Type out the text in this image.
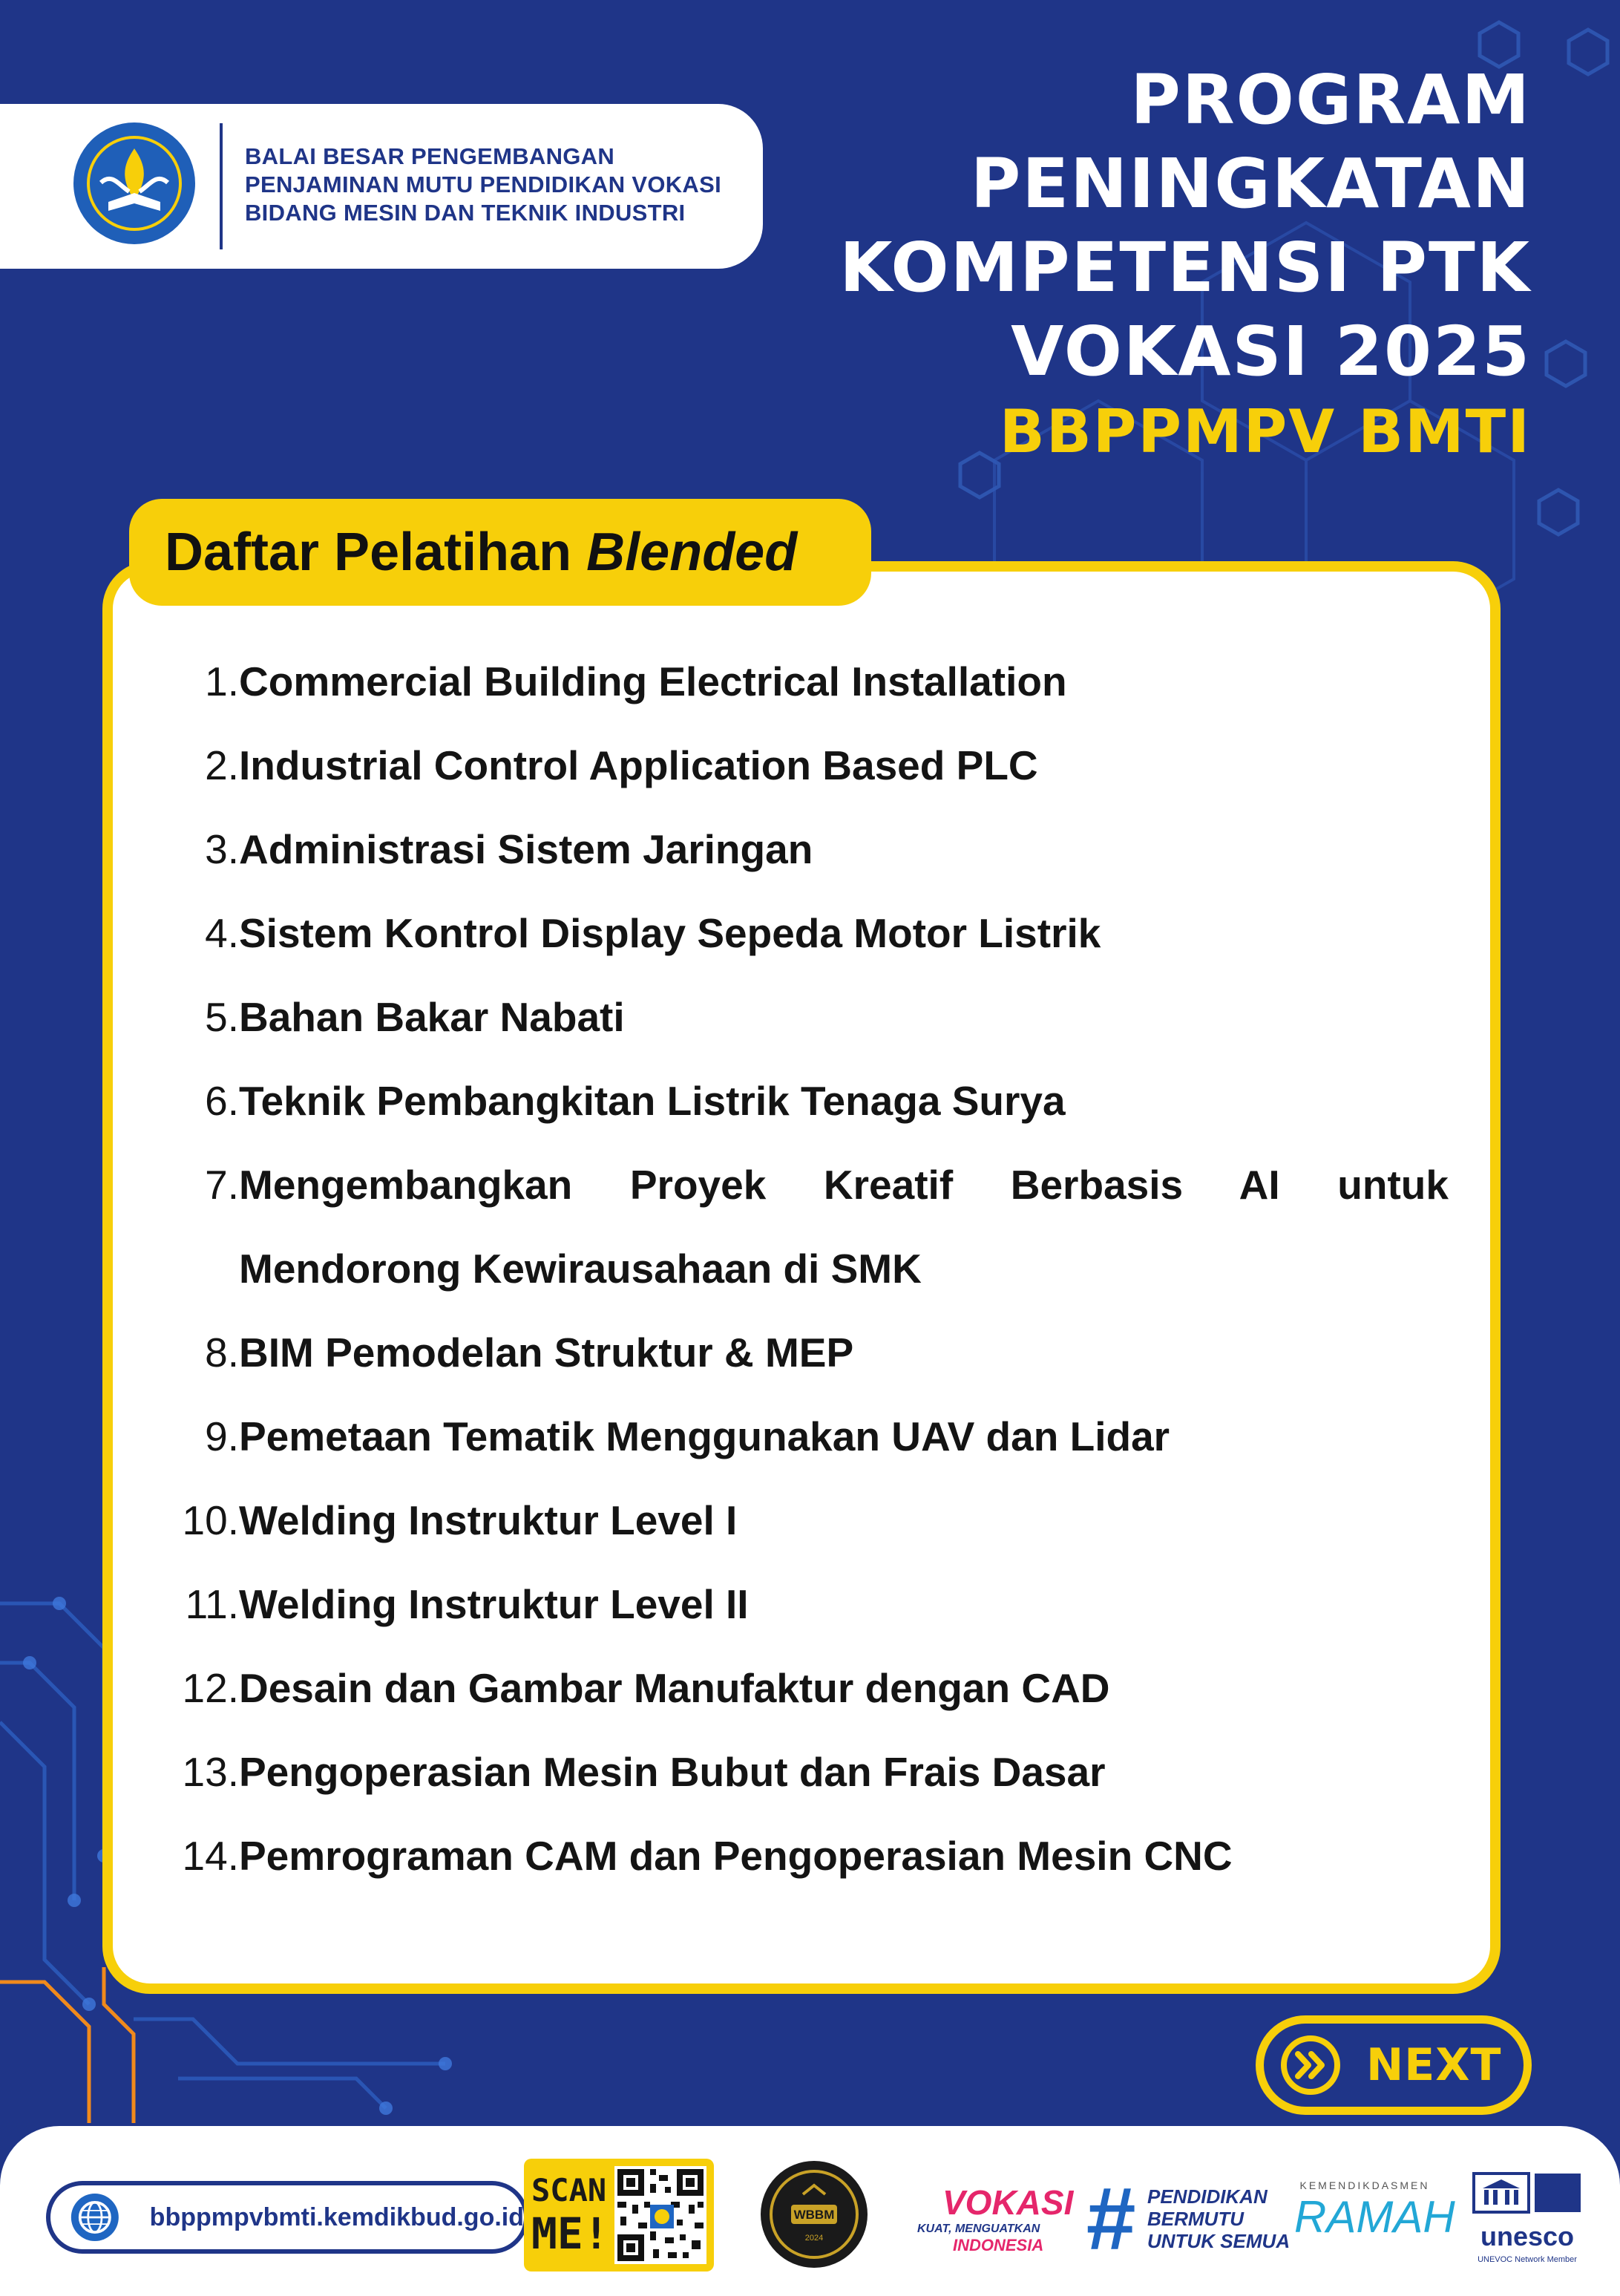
BALAI BESAR PENGEMBANGAN
PENJAMINAN MUTU PENDIDIKAN VOKASI
BIDANG MESIN DAN TEKNIK INDUSTRI
PROGRAM
PENINGKATAN
KOMPETENSI PTK
VOKASI 2025
BBPPMPV BMTI
Daftar Pelatihan Blended
1. Commercial Building Electrical Installation
2. Industrial Control Application Based PLC
3. Administrasi Sistem Jaringan
4. Sistem Kontrol Display Sepeda Motor Listrik
5. Bahan Bakar Nabati
6. Teknik Pembangkitan Listrik Tenaga Surya
7. Mengembangkan Proyek Kreatif Berbasis AI untuk Mendorong Kewirausahaan di SMK
8. BIM Pemodelan Struktur & MEP
9. Pemetaan Tematik Menggunakan UAV dan Lidar
10. Welding Instruktur Level I
11. Welding Instruktur Level II
12. Desain dan Gambar Manufaktur dengan CAD
13. Pengoperasian Mesin Bubut dan Frais Dasar
14. Pemrograman CAM dan Pengoperasian Mesin CNC
NEXT
bbppmpvbmti.kemdikbud.go.id
SCAN
ME!	WBBM
2024
VOKASI
KUAT, MENGUATKAN
INDONESIA # PENDIDIKAN
BERMUTU
UNTUK SEMUA
KEMENDIKDASMEN
RAMAH unesco
UNEVOC Network Member
